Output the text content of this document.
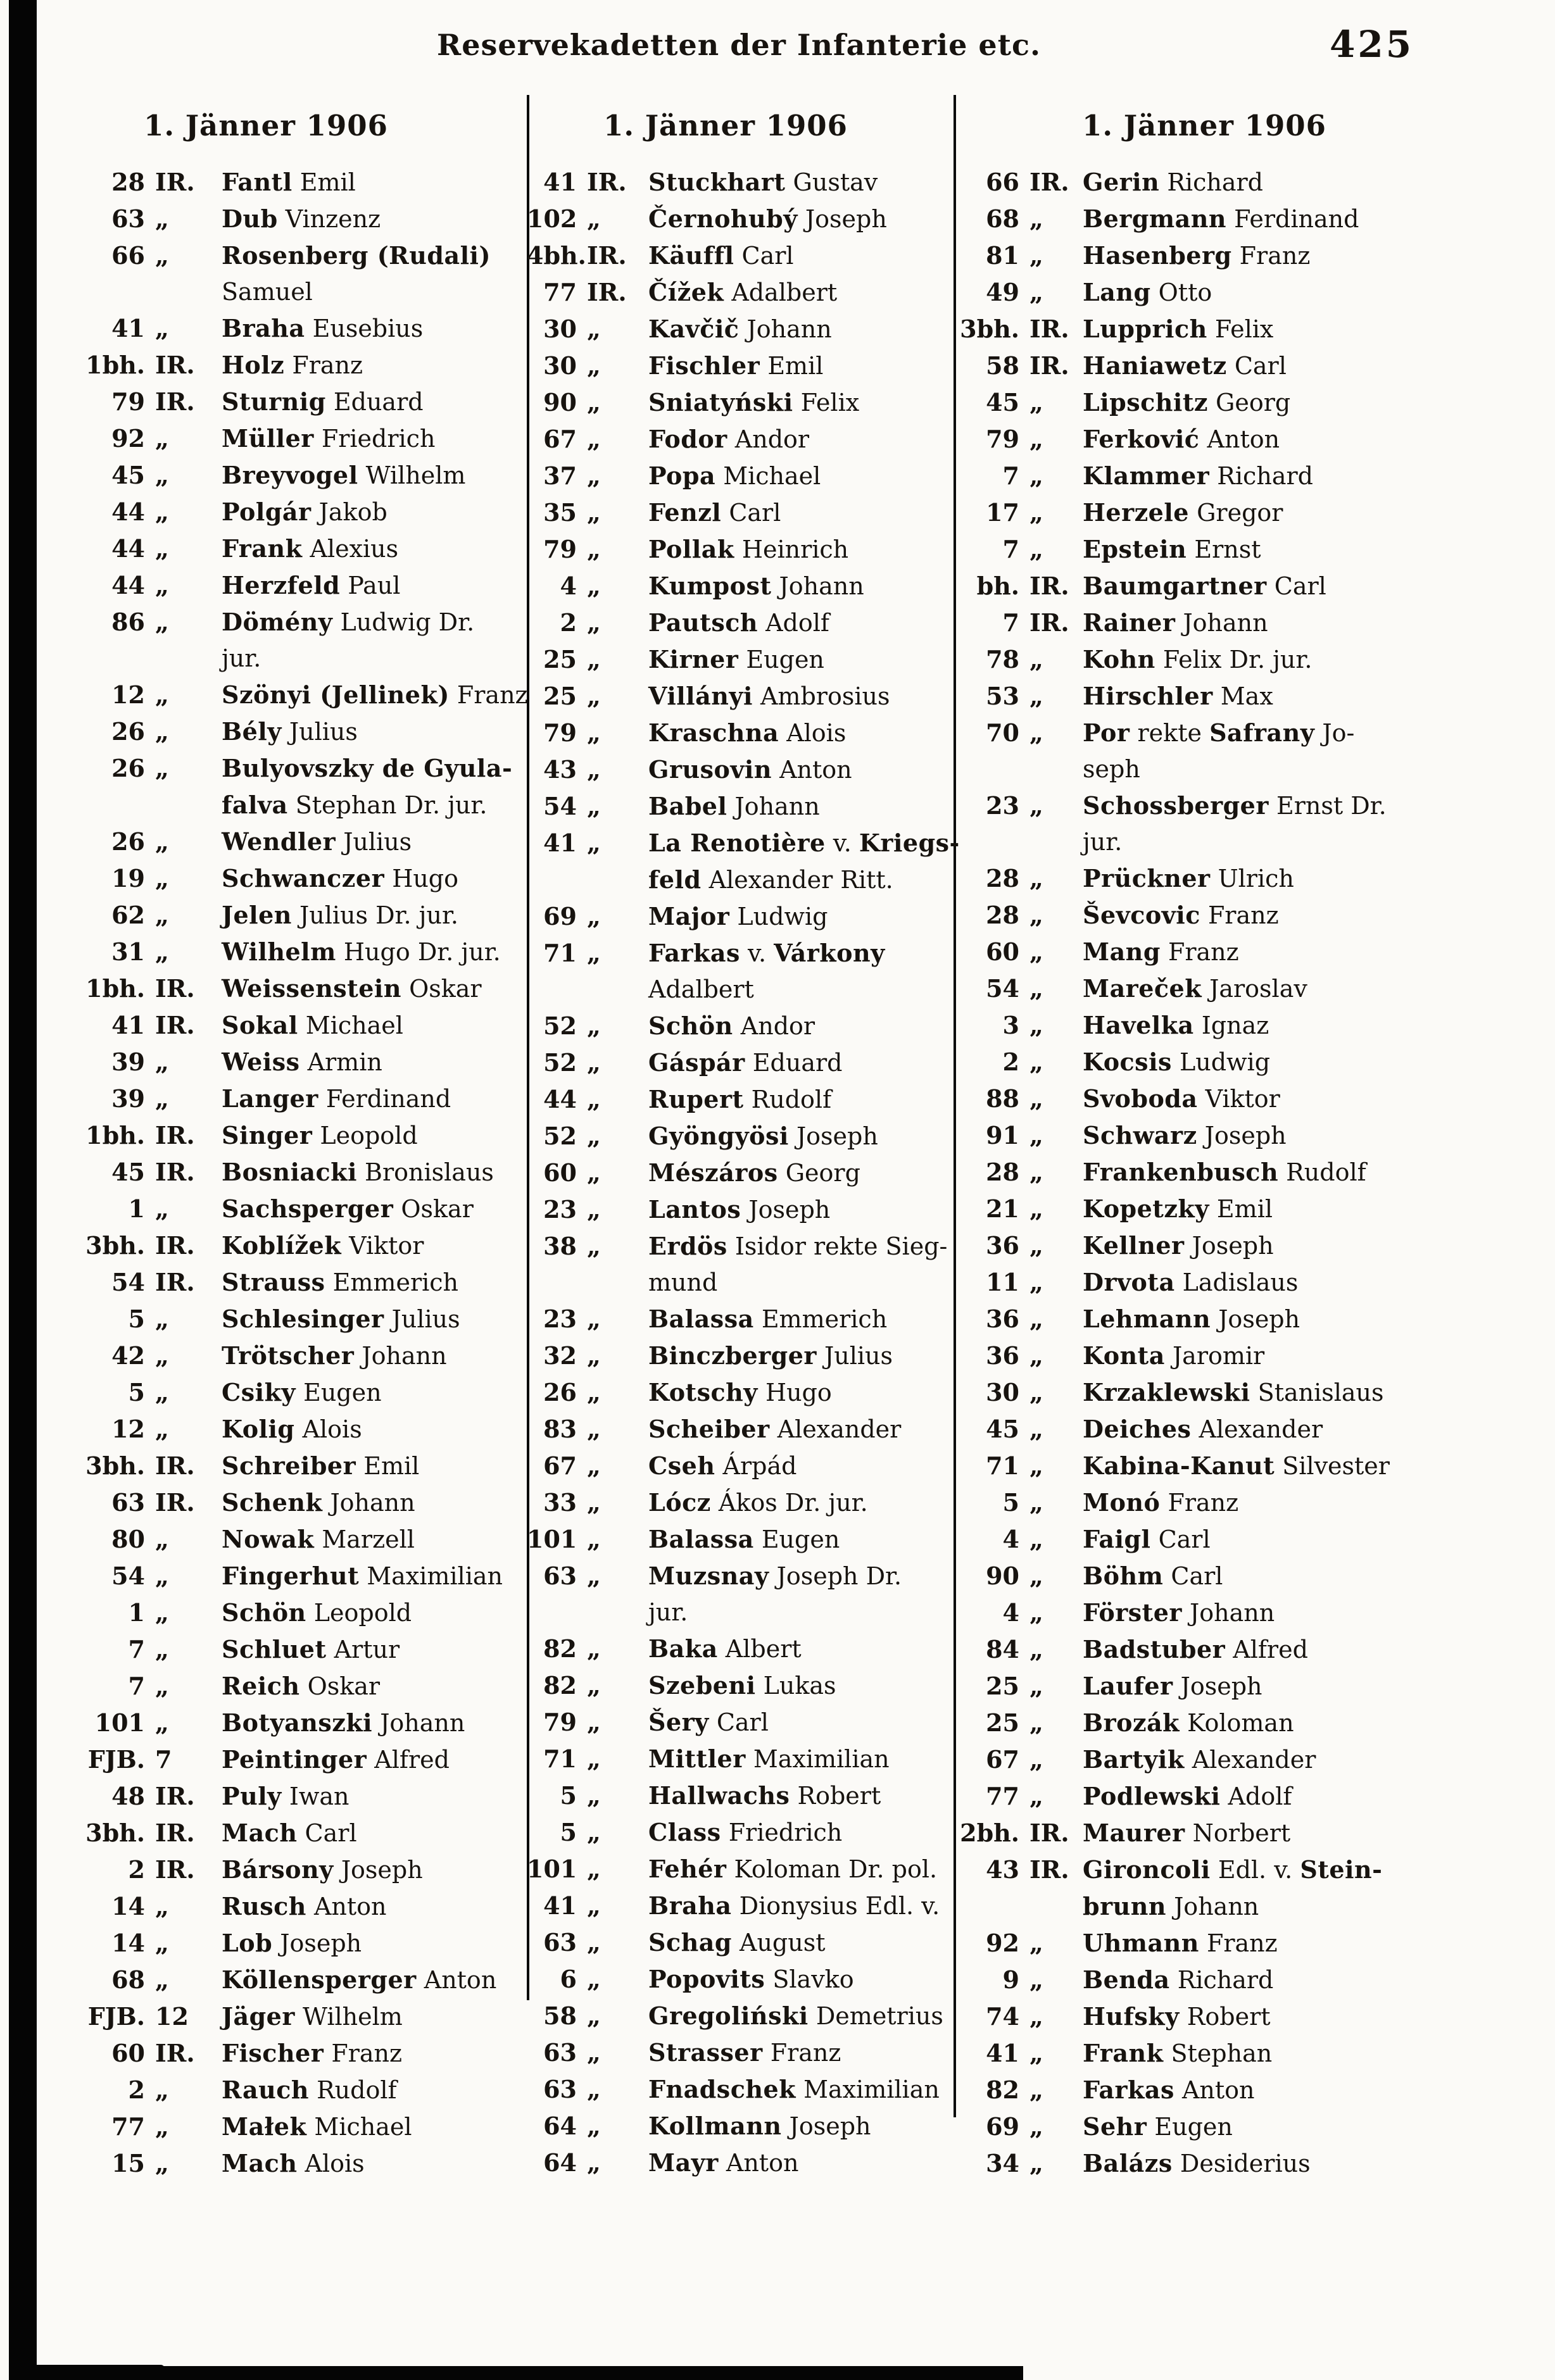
Reservekadetten der Infanterie etc.	425
1. Jänner 1906
28 IR.	Fantl Emil
63 „	Dub Vinzenz
66 „	Rosenberg (Rudali)
Samuel
41 „	Braha Eusebius
1bh. IR.	Holz Franz
79 IR.	Sturnig Eduard
92 „	Müller Friedrich
45 „	Breyvogel Wilhelm
44 „	Polgár Jakob
44 „	Frank Alexius
44 „	Herzfeld Paul
86 „	Dömény Ludwig Dr.
jur.
12 „	Szönyi (Jellinek) Franz
26 „	Bély Julius
26 „	Bulyovszky de Gyula-
falva Stephan Dr. jur.
26 „	Wendler Julius
19 „	Schwanczer Hugo
62 „	Jelen Julius Dr. jur.
31 „	Wilhelm Hugo Dr. jur.
1bh. IR.	Weissenstein Oskar
41 IR.	Sokal Michael
39 „	Weiss Armin
39 „	Langer Ferdinand
1bh. IR.	Singer Leopold
45 IR.	Bosniacki Bronislaus
1 „	Sachsperger Oskar
3bh. IR.	Koblížek Viktor
54 IR.	Strauss Emmerich
5 „	Schlesinger Julius
42 „	Trötscher Johann
5 „	Csiky Eugen
12 „	Kolig Alois
3bh. IR.	Schreiber Emil
63 IR.	Schenk Johann
80 „	Nowak Marzell
54 „	Fingerhut Maximilian
1 „	Schön Leopold
7 „	Schluet Artur
7 „	Reich Oskar
101 „	Botyanszki Johann
FJB. 7	Peintinger Alfred
48 IR.	Puly Iwan
3bh. IR.	Mach Carl
2 IR.	Bársony Joseph
14 „	Rusch Anton
14 „	Lob Joseph
68 „	Köllensperger Anton
FJB. 12	Jäger Wilhelm
60 IR.	Fischer Franz
2 „	Rauch Rudolf
77 „	Małek Michael
15 „	Mach Alois
1. Jänner 1906
41 IR. Stuckhart Gustav
102 „	Černohubý Joseph
4bh. IR. Käuffl Carl
77 IR. Čížek Adalbert
30 „	Kavčič Johann
30 „	Fischler Emil
90 „	Sniatyński Felix
67 „	Fodor Andor
37 „	Popa Michael
35 „	Fenzl Carl
79 „	Pollak Heinrich
4 „	Kumpost Johann
2 „	Pautsch Adolf
25 „	Kirner Eugen
25 „	Villányi Ambrosius
79 „	Kraschna Alois
43 „	Grusovin Anton
54 „	Babel Johann
41 „	La Renotière v. Kriegs-
feld Alexander Ritt.
69 „	Major Ludwig
71 „	Farkas v. Várkony
Adalbert
52 „	Schön Andor
52 „	Gáspár Eduard
44 „	Rupert Rudolf
52 „	Gyöngyösi Joseph
60 „	Mészáros Georg
23 „	Lantos Joseph
38 „	Erdös Isidor rekte Sieg-
mund
23 „	Balassa Emmerich
32 „	Binczberger Julius
26 „	Kotschy Hugo
83 „	Scheiber Alexander
67 „	Cseh Árpád
33 „	Lócz Ákos Dr. jur.
101 „	Balassa Eugen
63 „	Muzsnay Joseph Dr.
jur.
82 „	Baka Albert
82 „	Szebeni Lukas
79 „	Šery Carl
71 „	Mittler Maximilian
5 „	Hallwachs Robert
5 „	Class Friedrich
101 „	Fehér Koloman Dr. pol.
41 „	Braha Dionysius Edl. v.
63 „	Schag August
6 „	Popovits Slavko
58 „	Gregoliński Demetrius
63 „	Strasser Franz
63 „	Fnadschek Maximilian
64 „	Kollmann Joseph
64 „	Mayr Anton
1. Jänner 1906
66 IR. Gerin Richard
68 „	Bergmann Ferdinand
81 „	Hasenberg Franz
49 „	Lang Otto
3bh. IR. Lupprich Felix
58 IR. Haniawetz Carl
45 „	Lipschitz Georg
79 „	Ferković Anton
7 „	Klammer Richard
17 „	Herzele Gregor
7 „	Epstein Ernst
bh. IR. Baumgartner Carl
7 IR. Rainer Johann
78 „	Kohn Felix Dr. jur.
53 „	Hirschler Max
70 „	Por rekte Safrany Jo-
seph
23 „	Schossberger Ernst Dr.
jur.
28 „	Prückner Ulrich
28 „	Ševcovic Franz
60 „	Mang Franz
54 „	Mareček Jaroslav
3 „	Havelka Ignaz
2 „	Kocsis Ludwig
88 „	Svoboda Viktor
91 „	Schwarz Joseph
28 „	Frankenbusch Rudolf
21 „	Kopetzky Emil
36 „	Kellner Joseph
11 „	Drvota Ladislaus
36 „	Lehmann Joseph
36 „	Konta Jaromir
30 „	Krzaklewski Stanislaus
45 „	Deiches Alexander
71 „	Kabina-Kanut Silvester
5 „	Monó Franz
4 „	Faigl Carl
90 „	Böhm Carl
4 „	Förster Johann
84 „	Badstuber Alfred
25 „	Laufer Joseph
25 „	Brozák Koloman
67 „	Bartyik Alexander
77 „	Podlewski Adolf
2bh. IR. Maurer Norbert
43 IR. Gironcoli Edl. v. Stein-
brunn Johann
92 „	Uhmann Franz
9 „	Benda Richard
74 „	Hufsky Robert
41 „	Frank Stephan
82 „	Farkas Anton
69 „	Sehr Eugen
34 „	Balázs Desiderius
